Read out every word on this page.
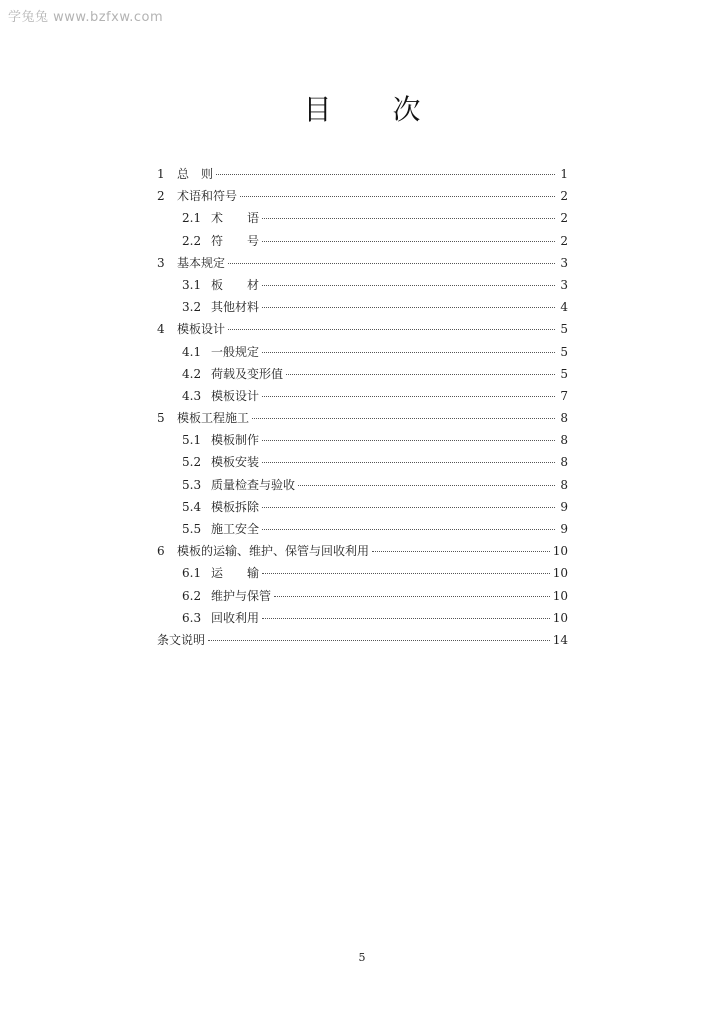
学兔兔 www.bzfxw.com
目 次
1	总　则	1
2	术语和符号	2
2.1 术　　语	2
2.2 符　　号	2
3	基本规定	3
3.1 板　　材	3
3.2 其他材料	4
4	模板设计	5
4.1 一般规定	5
4.2 荷载及变形值	5
4.3 模板设计	7
5	模板工程施工	8
5.1 模板制作	8
5.2 模板安装	8
5.3 质量检查与验收	8
5.4 模板拆除	9
5.5 施工安全	9
6	模板的运输、维护、保管与回收利用	10
6.1 运　　输	10
6.2 维护与保管	10
6.3 回收利用	10
条文说明	14
5
